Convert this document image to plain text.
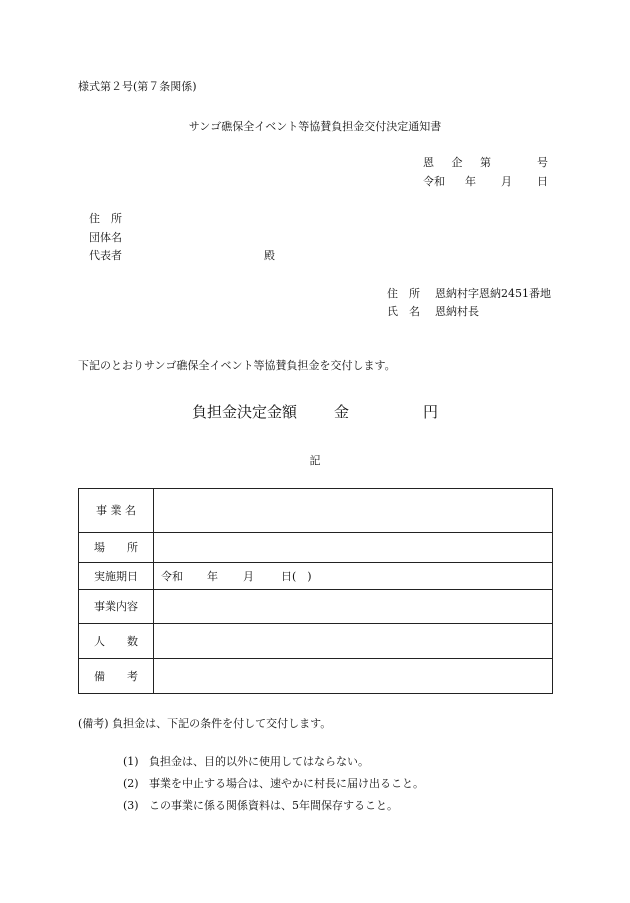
様式第２号(第７条関係)
サンゴ礁保全イベント等協賛負担金交付決定通知書
恩 企 第	号
令和 年 月 日
住　所
団体名
代表者	殿
住　所 恩納村字恩納2451番地
氏　名 恩納村長
下記のとおりサンゴ礁保全イベント等協賛負担金を交付します。
負担金決定金額 金	円
記
事 業 名	
場　　所	
実施期日	令和 年 月 日(　)
事業内容	
人　　数	
備　　考	
(備考) 負担金は、下記の条件を付して交付します。
(1) 負担金は、目的以外に使用してはならない。
(2) 事業を中止する場合は、速やかに村長に届け出ること。
(3) この事業に係る関係資料は、5年間保存すること。
